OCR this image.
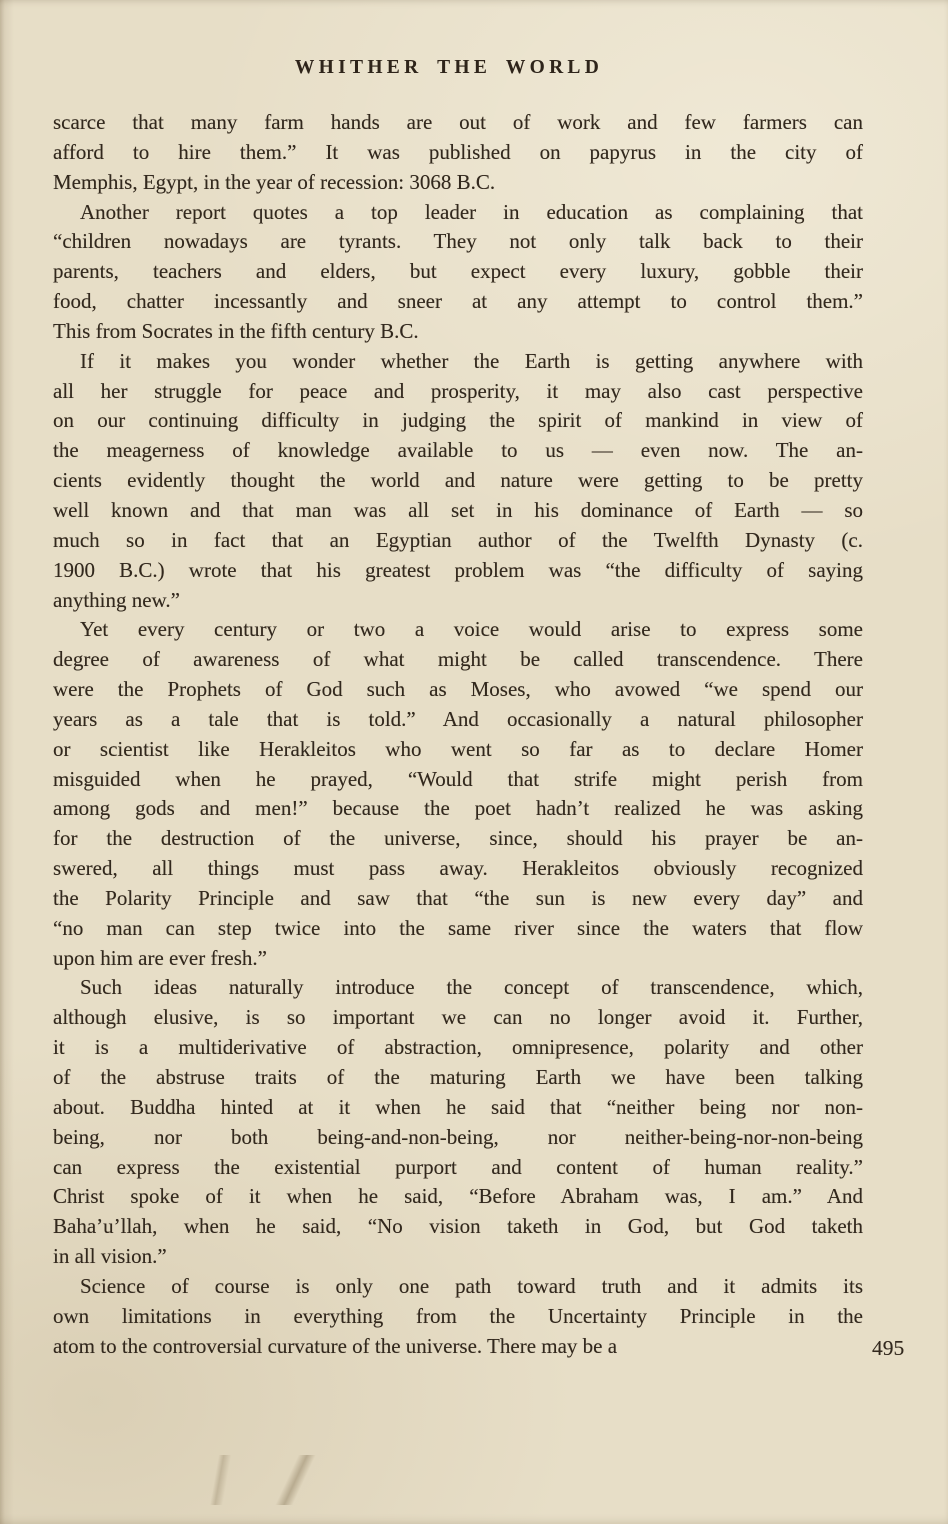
WHITHER THE WORLD
scarce that many farm hands are out of work and few farmers can
afford to hire them.” It was published on papyrus in the city of
Memphis, Egypt, in the year of recession: 3068 B.C.
Another report quotes a top leader in education as complaining that
“children nowadays are tyrants. They not only talk back to their
parents, teachers and elders, but expect every luxury, gobble their
food, chatter incessantly and sneer at any attempt to control them.”
This from Socrates in the fifth century B.C.
If it makes you wonder whether the Earth is getting anywhere with
all her struggle for peace and prosperity, it may also cast perspective
on our continuing difficulty in judging the spirit of mankind in view of
the meagerness of knowledge available to us — even now. The an-
cients evidently thought the world and nature were getting to be pretty
well known and that man was all set in his dominance of Earth — so
much so in fact that an Egyptian author of the Twelfth Dynasty (c.
1900 B.C.) wrote that his greatest problem was “the difficulty of saying
anything new.”
Yet every century or two a voice would arise to express some
degree of awareness of what might be called transcendence. There
were the Prophets of God such as Moses, who avowed “we spend our
years as a tale that is told.” And occasionally a natural philosopher
or scientist like Herakleitos who went so far as to declare Homer
misguided when he prayed, “Would that strife might perish from
among gods and men!” because the poet hadn’t realized he was asking
for the destruction of the universe, since, should his prayer be an-
swered, all things must pass away. Herakleitos obviously recognized
the Polarity Principle and saw that “the sun is new every day” and
“no man can step twice into the same river since the waters that flow
upon him are ever fresh.”
Such ideas naturally introduce the concept of transcendence, which,
although elusive, is so important we can no longer avoid it. Further,
it is a multiderivative of abstraction, omnipresence, polarity and other
of the abstruse traits of the maturing Earth we have been talking
about. Buddha hinted at it when he said that “neither being nor non-
being, nor both being-and-non-being, nor neither-being-nor-non-being
can express the existential purport and content of human reality.”
Christ spoke of it when he said, “Before Abraham was, I am.” And
Baha’u’llah, when he said, “No vision taketh in God, but God taketh
in all vision.”
Science of course is only one path toward truth and it admits its
own limitations in everything from the Uncertainty Principle in the
atom to the controversial curvature of the universe. There may be a	495
